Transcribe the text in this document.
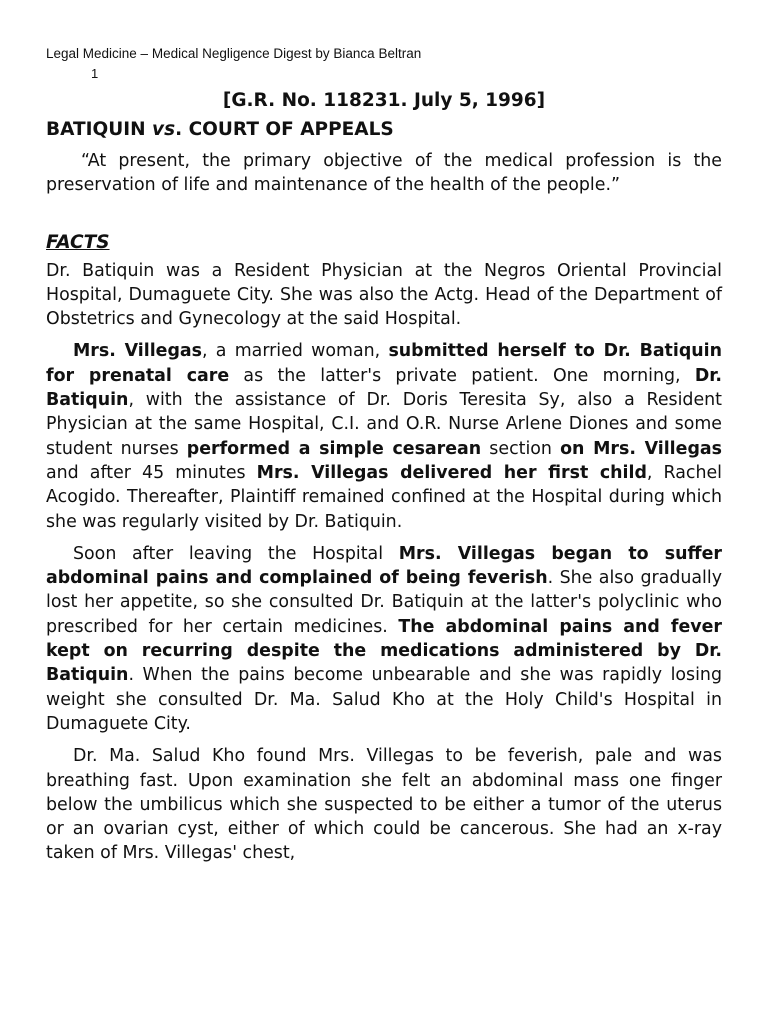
Legal Medicine – Medical Negligence Digest by Bianca Beltran
1
[G.R. No. 118231. July 5, 1996]
BATIQUIN vs. COURT OF APPEALS

“At present, the primary objective of the medical profession is the preservation of life and maintenance of the health of the people.”

FACTS

Dr. Batiquin was a Resident Physician at the Negros Oriental Provincial Hospital, Dumaguete City. She was also the Actg. Head of the Department of Obstetrics and Gynecology at the said Hospital.

Mrs. Villegas, a married woman, submitted herself to Dr. Batiquin for prenatal care as the latter's private patient. One morning, Dr. Batiquin, with the assistance of Dr. Doris Teresita Sy, also a Resident Physician at the same Hospital, C.I. and O.R. Nurse Arlene Diones and some student nurses performed a simple cesarean section on Mrs. Villegas and after 45 minutes Mrs. Villegas delivered her first child, Rachel Acogido. Thereafter, Plaintiff remained confined at the Hospital during which she was regularly visited by Dr. Batiquin.

Soon after leaving the Hospital Mrs. Villegas began to suffer abdominal pains and complained of being feverish. She also gradually lost her appetite, so she consulted Dr. Batiquin at the latter's polyclinic who prescribed for her certain medicines. The abdominal pains and fever kept on recurring despite the medications administered by Dr. Batiquin. When the pains become unbearable and she was rapidly losing weight she consulted Dr. Ma. Salud Kho at the Holy Child's Hospital in Dumaguete City.

Dr. Ma. Salud Kho found Mrs. Villegas to be feverish, pale and was breathing fast. Upon examination she felt an abdominal mass one finger below the umbilicus which she suspected to be either a tumor of the uterus or an ovarian cyst, either of which could be cancerous. She had an x-ray taken of Mrs. Villegas' chest,
